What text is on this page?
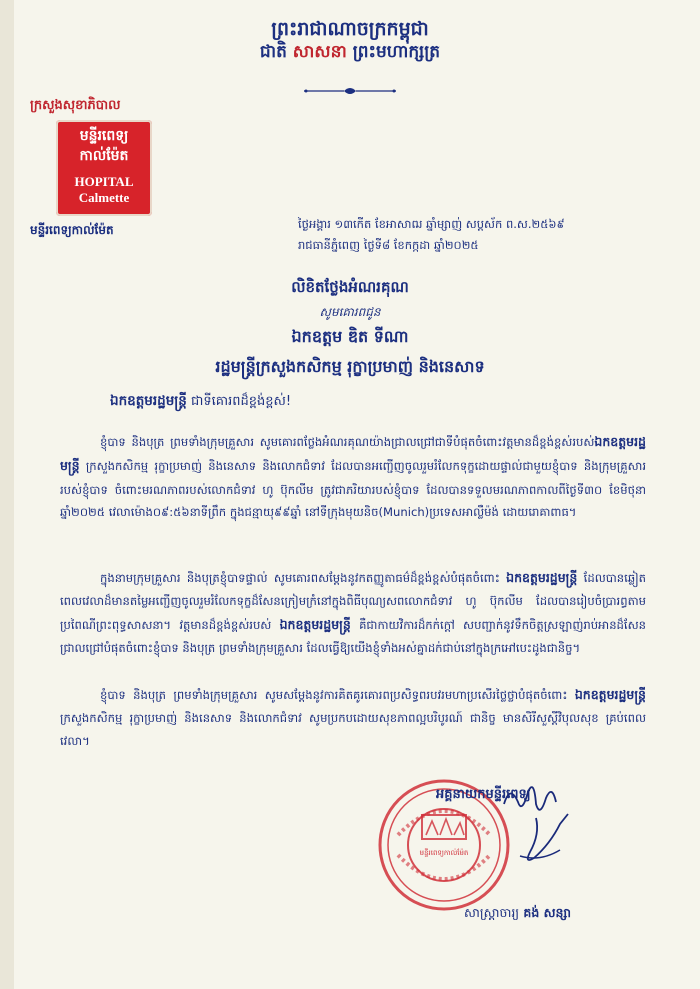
ព្រះរាជាណាចក្រកម្ពុជា
ជាតិ សាសនា ព្រះមហាក្សត្រ
ក្រសួងសុខាភិបាល
មន្ទីរពេទ្យ
កាល់ម៉ែត
HOPITAL
Calmette
មន្ទីរពេទ្យកាល់ម៉ែត	ថ្ងៃអង្គារ ១៣កើត ខែអាសាឍ ឆ្នាំម្សាញ់ សប្តស័ក ព.ស.២៥៦៩
រាជធានីភ្នំពេញ ថ្ងៃទី៨ ខែកក្កដា ឆ្នាំ២០២៥
លិខិតថ្លែងអំណរគុណ
សូមគោរពជូន
ឯកឧត្តម ឌិត ទីណា
រដ្ឋមន្ត្រីក្រសួងកសិកម្ម រុក្ខាប្រមាញ់ និងនេសាទ
ឯកឧត្តមរដ្ឋមន្ត្រី ជាទីគោរពដ៏ខ្ពង់ខ្ពស់!
ខ្ញុំបាទ និងបុត្រ ព្រមទាំងក្រុមគ្រួសារ សូមគោរពថ្លែងអំណរគុណយ៉ាងជ្រាលជ្រៅជាទីបំផុតចំពោះវត្តមានដ៏ខ្ពង់ខ្ពស់របស់ឯកឧត្តមរដ្ឋមន្ត្រី ក្រសួងកសិកម្ម រុក្ខាប្រមាញ់ និងនេសាទ និងលោកជំទាវ ដែលបានអញ្ជើញចូលរួមរំលែកទុក្ខដោយផ្ទាល់ជាមួយខ្ញុំបាទ និងក្រុមគ្រួសាររបស់ខ្ញុំបាទ ចំពោះមរណភាពរបស់លោកជំទាវ ហូ ប៊ុកលីម ត្រូវជាភរិយារបស់ខ្ញុំបាទ ដែលបានទទួលមរណភាពកាលពីថ្ងៃទី៣០ ខែមិថុនា ឆ្នាំ២០២៥ វេលាម៉ោង០៩:៥៦នាទីព្រឹក ក្នុងជន្មាយុ៩៩ឆ្នាំ នៅទីក្រុងមុយនិច(Munich)ប្រទេសអាល្លឺម៉ង់ ដោយរោគាពាធ។
ក្នុងនាមក្រុមគ្រួសារ និងបុត្រខ្ញុំបាទផ្ទាល់ សូមគោរពសម្តែងនូវកតញ្ញូតាធម៌ដ៏ខ្ពង់ខ្ពស់បំផុតចំពោះ ឯកឧត្តមរដ្ឋមន្ត្រី ដែលបានឆ្លៀតពេលវេលាដ៏មានតម្លៃអញ្ជើញចូលរួមរំលែកទុក្ខដ៏សែនក្រៀមក្រំនៅក្នុងពិធីបុណ្យសពលោកជំទាវ ហូ ប៊ុកលីម ដែលបានរៀបចំប្រារព្ធតាមប្រពៃណីព្រះពុទ្ធសាសនា។ វត្តមានដ៏ខ្ពង់ខ្ពស់របស់ ឯកឧត្តមរដ្ឋមន្ត្រី គឺជាកាយវិការដ៏កក់ក្តៅ សបញ្ជាក់នូវទឹកចិត្តស្រឡាញ់រាប់អានដ៏សែនជ្រាលជ្រៅបំផុតចំពោះខ្ញុំបាទ និងបុត្រ ព្រមទាំងក្រុមគ្រួសារ ដែលធ្វើឱ្យយើងខ្ញុំទាំងអស់គ្នាដក់ជាប់នៅក្នុងក្រអៅបេះដូងជានិច្ច។
ខ្ញុំបាទ និងបុត្រ ព្រមទាំងក្រុមគ្រួសារ សូមសម្តែងនូវការគិតគូរគោរពប្រសិទ្ធពរបវរមហាប្រសើរថ្លៃថ្លាបំផុតចំពោះ ឯកឧត្តមរដ្ឋមន្ត្រី ក្រសួងកសិកម្ម រុក្ខាប្រមាញ់ និងនេសាទ និងលោកជំទាវ សូមប្រកបដោយសុខភាពល្អបរិបូរណ៍ ជានិច្ច មានសិរីសួស្តីវិបុលសុខ គ្រប់ពេលវេលា។
មន្ទីរពេទ្យកាល់ម៉ែត
អគ្គនាយកមន្ទីរពេទ្យ
សាស្ត្រាចារ្យ គង់ សន្សា
